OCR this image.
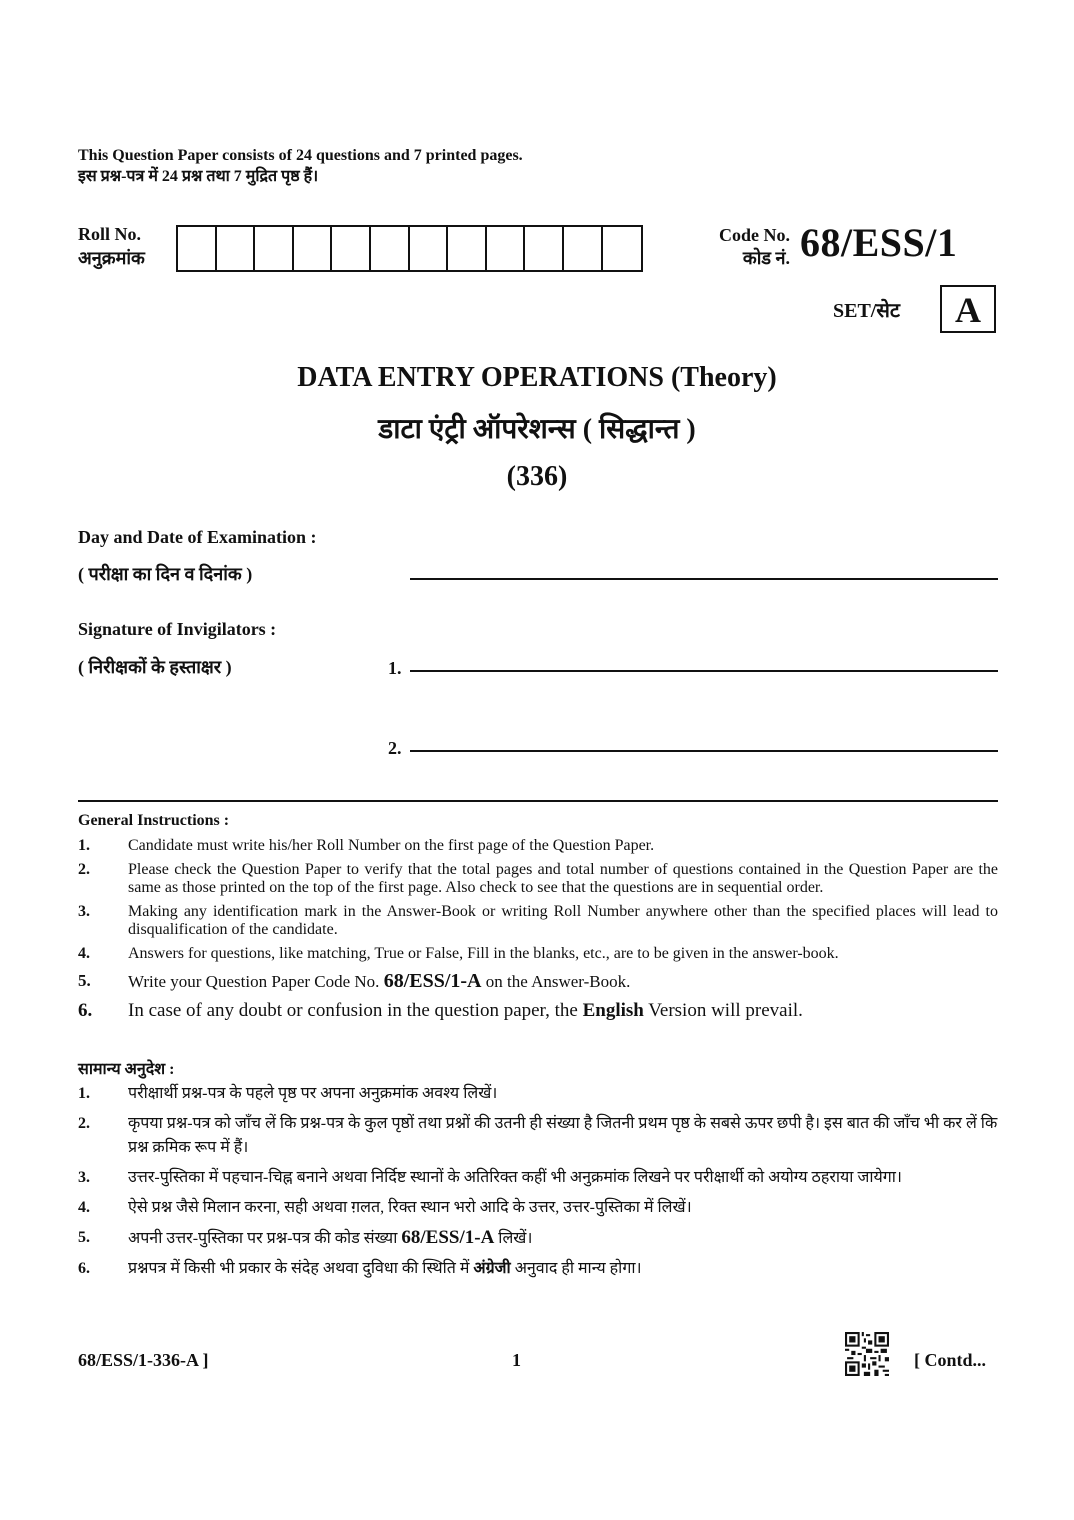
This Question Paper consists of 24 questions and 7 printed pages.
इस प्रश्न-पत्र में 24 प्रश्न तथा 7 मुद्रित पृष्ठ हैं।
Roll No.
अनुक्रमांक
Code No.
कोड नं. 68/ESS/1
SET/सेट	A
DATA ENTRY OPERATIONS (Theory)
डाटा एंट्री ऑपरेशन्स ( सिद्धान्त )
(336)
Day and Date of Examination :
( परीक्षा का दिन व दिनांक )
Signature of Invigilators :
( निरीक्षकों के हस्ताक्षर )	1.
2.
General Instructions :
1.	Candidate must write his/her Roll Number on the first page of the Question Paper.
2.	Please check the Question Paper to verify that the total pages and total number of questions contained in the Question Paper are the same as those printed on the top of the first page. Also check to see that the questions are in sequential order.
3.	Making any identification mark in the Answer-Book or writing Roll Number anywhere other than the specified places will lead to disqualification of the candidate.
4.	Answers for questions, like matching, True or False, Fill in the blanks, etc., are to be given in the answer-book.
5.	Write your Question Paper Code No. 68/ESS/1-A on the Answer-Book.
6.	In case of any doubt or confusion in the question paper, the English Version will prevail.
सामान्य अनुदेश :
1.	परीक्षार्थी प्रश्न-पत्र के पहले पृष्ठ पर अपना अनुक्रमांक अवश्य लिखें।
2.	कृपया प्रश्न-पत्र को जाँच लें कि प्रश्न-पत्र के कुल पृष्ठों तथा प्रश्नों की उतनी ही संख्या है जितनी प्रथम पृष्ठ के सबसे ऊपर छपी है। इस बात की जाँच भी कर लें कि प्रश्न क्रमिक रूप में हैं।
3.	उत्तर-पुस्तिका में पहचान-चिह्न बनाने अथवा निर्दिष्ट स्थानों के अतिरिक्त कहीं भी अनुक्रमांक लिखने पर परीक्षार्थी को अयोग्य ठहराया जायेगा।
4.	ऐसे प्रश्न जैसे मिलान करना, सही अथवा ग़लत, रिक्त स्थान भरो आदि के उत्तर, उत्तर-पुस्तिका में लिखें।
5.	अपनी उत्तर-पुस्तिका पर प्रश्न-पत्र की कोड संख्या 68/ESS/1-A लिखें।
6.	प्रश्नपत्र में किसी भी प्रकार के संदेह अथवा दुविधा की स्थिति में अंग्रेजी अनुवाद ही मान्य होगा।
68/ESS/1-336-A ]	1	[ Contd...
